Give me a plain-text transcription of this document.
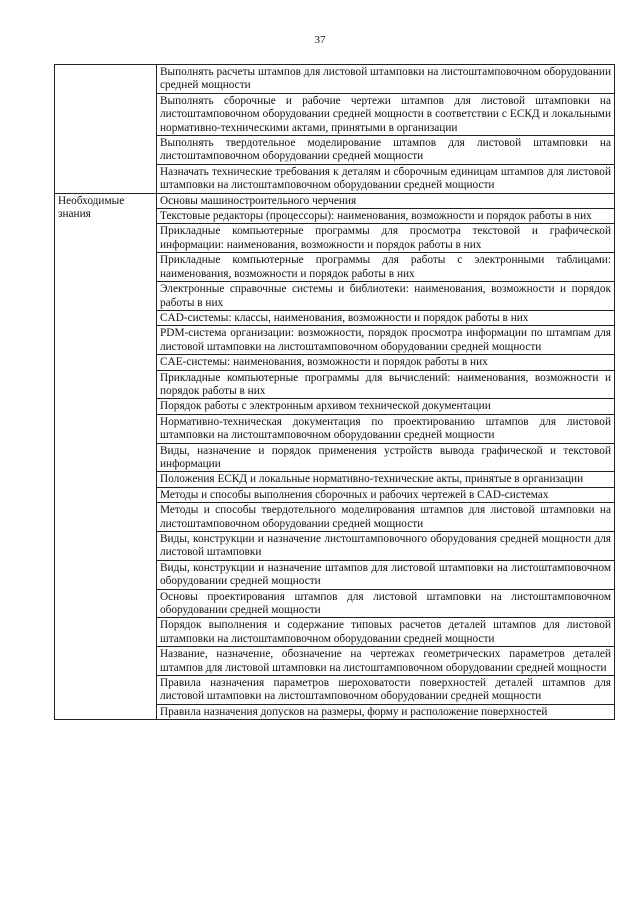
37
	Выполнять расчеты штампов для листовой штамповки на листоштамповочном оборудовании средней мощности
	Выполнять сборочные и рабочие чертежи штампов для листовой штамповки на листоштамповочном оборудовании средней мощности в соответствии с ЕСКД и локальными нормативно-техническими актами, принятыми в организации
	Выполнять твердотельное моделирование штампов для листовой штамповки на листоштамповочном оборудовании средней мощности
	Назначать технические требования к деталям и сборочным единицам штампов для листовой штамповки на листоштамповочном оборудовании средней мощности
Необходимые знания	Основы машиностроительного черчения
	Текстовые редакторы (процессоры): наименования, возможности и порядок работы в них
	Прикладные компьютерные программы для просмотра текстовой и графической информации: наименования, возможности и порядок работы в них
	Прикладные компьютерные программы для работы с электронными таблицами: наименования, возможности и порядок работы в них
	Электронные справочные системы и библиотеки: наименования, возможности и порядок работы в них
	CAD-системы: классы, наименования, возможности и порядок работы в них
	PDM-система организации: возможности, порядок просмотра информации по штампам для листовой штамповки на листоштамповочном оборудовании средней мощности
	CAE-системы: наименования, возможности и порядок работы в них
	Прикладные компьютерные программы для вычислений: наименования, возможности и порядок работы в них
	Порядок работы с электронным архивом технической документации
	Нормативно-техническая документация по проектированию штампов для листовой штамповки на листоштамповочном оборудовании средней мощности
	Виды, назначение и порядок применения устройств вывода графической и текстовой информации
	Положения ЕСКД и локальные нормативно-технические акты, принятые в организации
	Методы и способы выполнения сборочных и рабочих чертежей в CAD-системах
	Методы и способы твердотельного моделирования штампов для листовой штамповки на листоштамповочном оборудовании средней мощности
	Виды, конструкции и назначение листоштамповочного оборудования средней мощности для листовой штамповки
	Виды, конструкции и назначение штампов для листовой штамповки на листоштамповочном оборудовании средней мощности
	Основы проектирования штампов для листовой штамповки на листоштамповочном оборудовании средней мощности
	Порядок выполнения и содержание типовых расчетов деталей штампов для листовой штамповки на листоштамповочном оборудовании средней мощности
	Название, назначение, обозначение на чертежах геометрических параметров деталей штампов для листовой штамповки на листоштамповочном оборудовании средней мощности
	Правила назначения параметров шероховатости поверхностей деталей штампов для листовой штамповки на листоштамповочном оборудовании средней мощности
	Правила назначения допусков на размеры, форму и расположение поверхностей
